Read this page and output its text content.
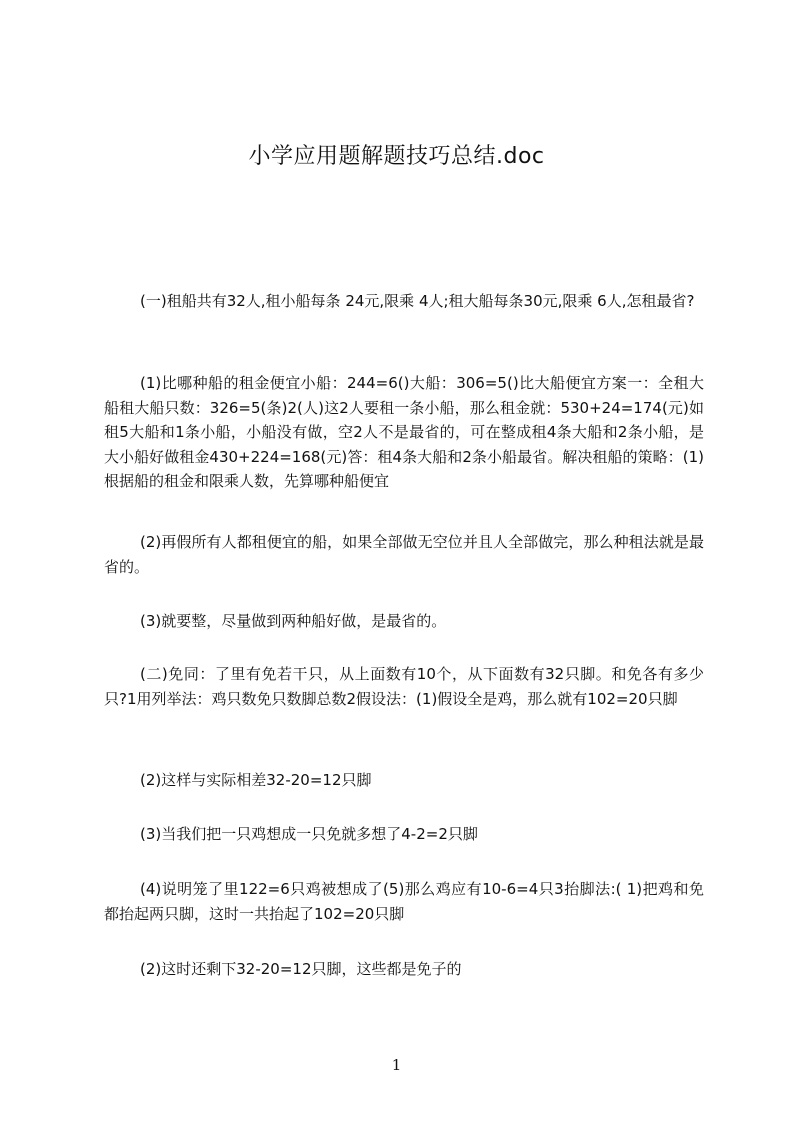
小学应用题解题技巧总结.doc
(一)租船共有32人,租小船每条 24元,限乘 4人;租大船每条30元,限乘 6人,怎租最省?
(1)比哪种船的租金便宜小船：244=6()大船：306=5()比大船便宜方案一：全租大船租大船只数：326=5(条)2(人)这2人要租一条小船，那么租金就：530+24=174(元)如租5大船和1条小船，小船没有做，空2人不是最省的，可在整成租4条大船和2条小船，是大小船好做租金430+224=168(元)答：租4条大船和2条小船最省。解决租船的策略：(1)根据船的租金和限乘人数，先算哪种船便宜
(2)再假所有人都租便宜的船，如果全部做无空位并且人全部做完，那么种租法就是最省的。
(3)就要整，尽量做到两种船好做，是最省的。
(二)免同：了里有免若干只，从上面数有10个，从下面数有32只脚。和免各有多少只?1用列举法：鸡只数免只数脚总数2假设法：(1)假设全是鸡，那么就有102=20只脚
(2)这样与实际相差32-20=12只脚
(3)当我们把一只鸡想成一只免就多想了4-2=2只脚
(4)说明笼了里122=6只鸡被想成了(5)那么鸡应有10-6=4只3抬脚法:( 1)把鸡和免都抬起两只脚，这时一共抬起了102=20只脚
(2)这时还剩下32-20=12只脚，这些都是免子的
1
